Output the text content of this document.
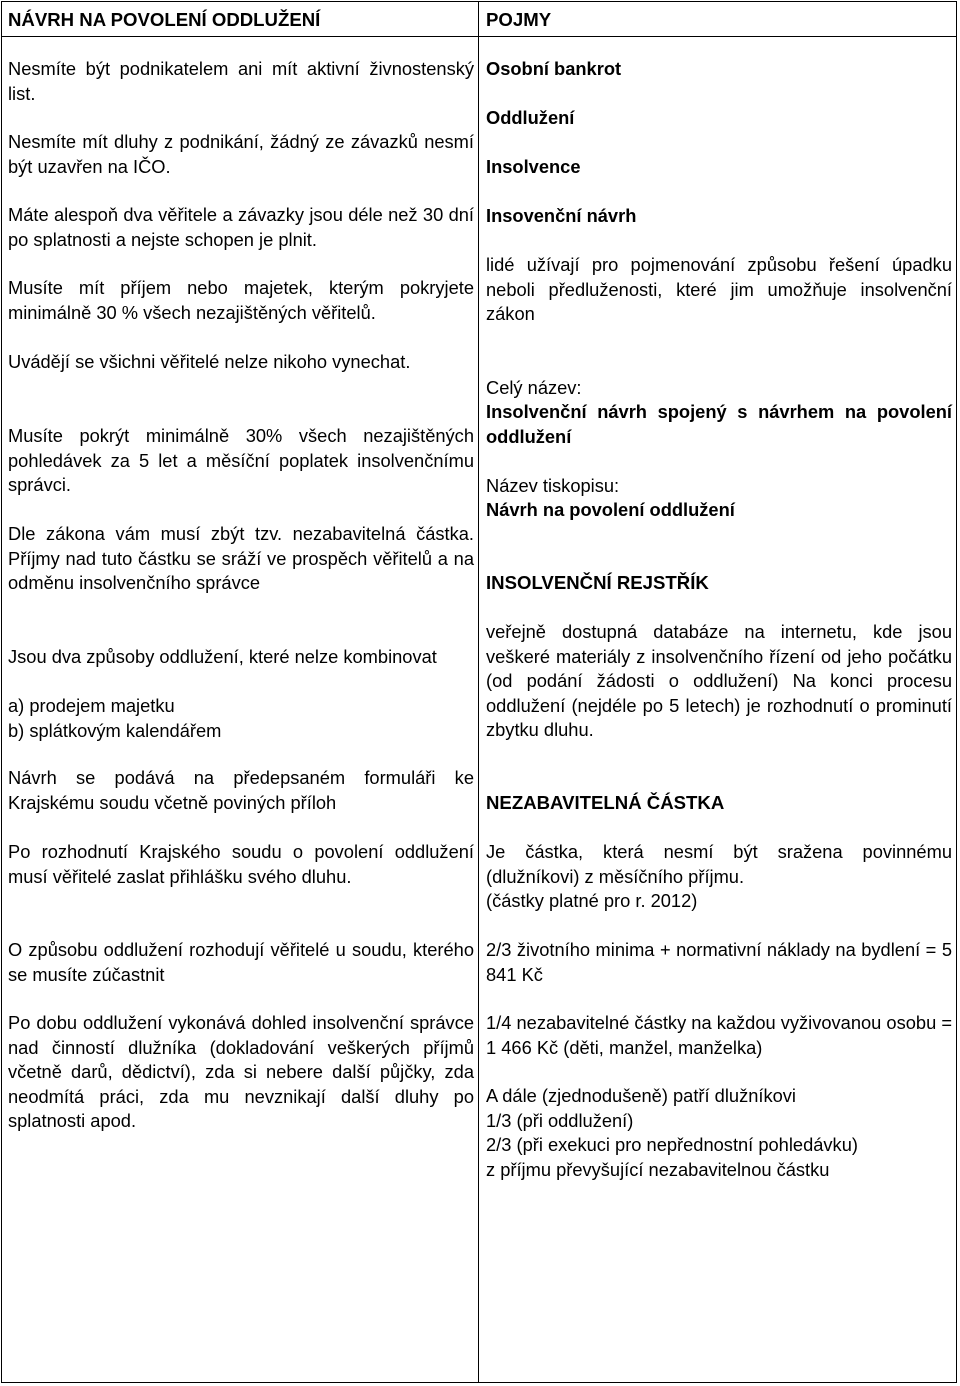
NÁVRH NA POVOLENÍ ODDLUŽENÍ

Nesmíte být podnikatelem ani mít aktivní živnostenský list.

Nesmíte mít dluhy z podnikání, žádný ze závazků nesmí být uzavřen na IČO.

Máte alespoň dva věřitele a závazky jsou déle než 30 dní po splatnosti a nejste schopen je plnit.

Musíte mít příjem nebo majetek, kterým pokryjete minimálně 30 % všech nezajištěných věřitelů.

Uvádějí se všichni věřitelé nelze nikoho vynechat.

Musíte pokrýt minimálně 30% všech nezajištěných pohledávek za 5 let a měsíční poplatek insolvenčnímu správci.

Dle zákona vám musí zbýt tzv. nezabavitelná částka. Příjmy nad tuto částku se sráží ve prospěch věřitelů a na odměnu insolvenčního správce

Jsou dva způsoby oddlužení, které nelze kombinovat

a) prodejem majetku
b) splátkovým kalendářem

Návrh se podává na předepsaném formuláři ke Krajskému soudu včetně poviných příloh

Po rozhodnutí Krajského soudu o povolení oddlužení musí věřitelé zaslat přihlášku svého dluhu.

O způsobu oddlužení rozhodují věřitelé u soudu, kterého se musíte zúčastnit

Po dobu oddlužení vykonává dohled insolvenční správce nad činností dlužníka (dokladování veškerých příjmů včetně darů, dědictví), zda si nebere další půjčky, zda neodmítá práci, zda mu nevznikají další dluhy po splatnosti apod.

POJMY

Osobní bankrot

Oddlužení

Insolvence

Insovenční návrh

lidé užívají pro pojmenování způsobu řešení úpadku neboli předluženosti, které jim umožňuje insolvenční zákon

Celý název:

Insolvenční návrh spojený s návrhem na povolení oddlužení

Název tiskopisu:

Návrh na povolení oddlužení

INSOLVENČNÍ REJSTŘÍK

veřejně dostupná databáze na internetu, kde jsou veškeré materiály z insolvenčního řízení od jeho počátku (od podání žádosti o oddlužení) Na konci procesu oddlužení (nejdéle po 5 letech) je rozhodnutí o prominutí zbytku dluhu.

NEZABAVITELNÁ ČÁSTKA

Je částka, která nesmí být sražena povinnému (dlužníkovi) z měsíčního příjmu.

(částky platné pro r. 2012)

2/3 životního minima + normativní náklady na bydlení = 5 841 Kč

1/4 nezabavitelné částky na každou vyživovanou osobu = 1 466 Kč (děti, manžel, manželka)

A dále (zjednodušeně) patří dlužníkovi
1/3 (při oddlužení)
2/3 (při exekuci pro nepřednostní pohledávku)
z příjmu převyšující nezabavitelnou částku
